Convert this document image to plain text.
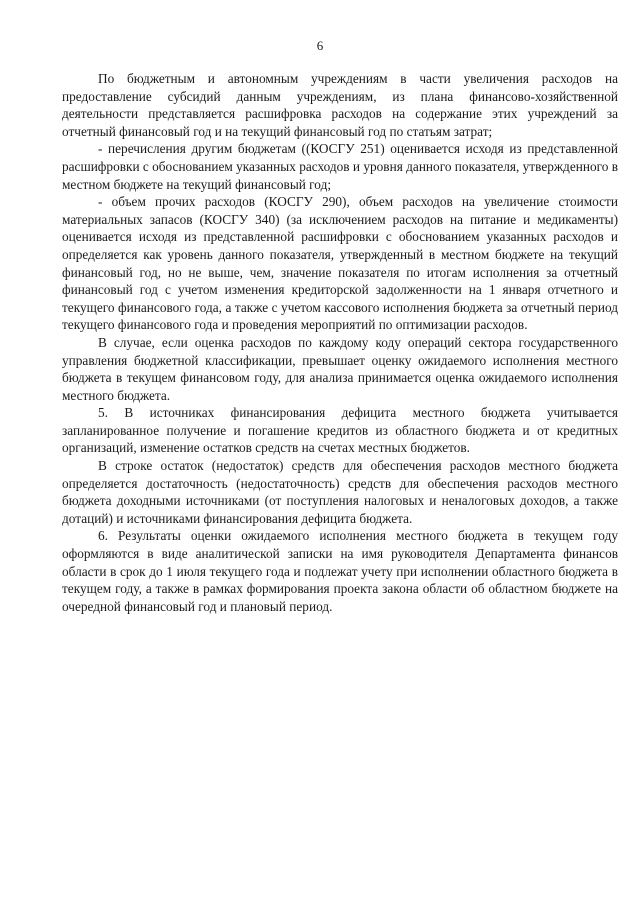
6

По бюджетным и автономным учреждениям в части увеличения расходов на предоставление субсидий данным учреждениям, из плана финансово-хозяйственной деятельности представляется расшифровка расходов на содержание этих учреждений за отчетный финансовый год и на текущий финансовый год по статьям затрат;

- перечисления другим бюджетам ((КОСГУ 251) оценивается исходя из представленной расшифровки с обоснованием указанных расходов и уровня данного показателя, утвержденного в местном бюджете на текущий финансовый год;

- объем прочих расходов (КОСГУ 290), объем расходов на увеличение стоимости материальных запасов (КОСГУ 340) (за исключением расходов на питание и медикаменты) оценивается исходя из представленной расшифровки с обоснованием указанных расходов и определяется как уровень данного показателя, утвержденный в местном бюджете на текущий финансовый год, но не выше, чем, значение показателя по итогам исполнения за отчетный финансовый год с учетом изменения кредиторской задолженности на 1 января отчетного и текущего финансового года, а также с учетом кассового исполнения бюджета за отчетный период текущего финансового года и проведения мероприятий по оптимизации расходов.

В случае, если оценка расходов по каждому коду операций сектора государственного управления бюджетной классификации, превышает оценку ожидаемого исполнения местного бюджета в текущем финансовом году, для анализа принимается оценка ожидаемого исполнения местного бюджета.

5. В источниках финансирования дефицита местного бюджета учитывается запланированное получение и погашение кредитов из областного бюджета и от кредитных организаций, изменение остатков средств на счетах местных бюджетов.

В строке остаток (недостаток) средств для обеспечения расходов местного бюджета определяется достаточность (недостаточность) средств для обеспечения расходов местного бюджета доходными источниками (от поступления налоговых и неналоговых доходов, а также дотаций) и источниками финансирования дефицита бюджета.

6. Результаты оценки ожидаемого исполнения местного бюджета в текущем году оформляются в виде аналитической записки на имя руководителя Департамента финансов области в срок до 1 июля текущего года и подлежат учету при исполнении областного бюджета в текущем году, а также в рамках формирования проекта закона области об областном бюджете на очередной финансовый год и плановый период.
